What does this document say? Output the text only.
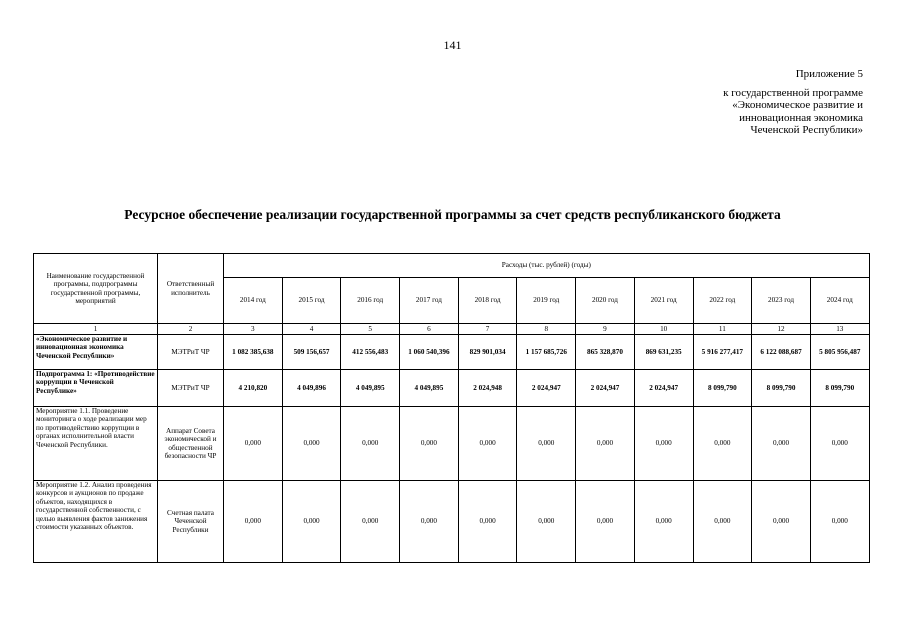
141
Приложение 5
к государственной программе
«Экономическое развитие и
инновационная экономика
Чеченской Республики»
Ресурсное обеспечение реализации государственной программы за счет средств республиканского бюджета
Наименование государственной программы, подпрограммы государственной программы, мероприятий	Ответственный исполнитель	Расходы (тыс. рублей) (годы)										
		2014 год	2015 год	2016 год	2017 год	2018 год	2019 год	2020 год	2021 год	2022 год	2023 год	2024 год
1	2	3	4	5	6	7	8	9	10	11	12	13
«Экономическое развитие и инновационная экономика Чеченской Республики»	МЭТРиТ ЧР	1 082 385,638	509 156,657	412 556,483	1 060 540,396	829 901,034	1 157 685,726	865 328,870	869 631,235	5 916 277,417	6 122 088,687	5 805 956,487
Подпрограмма 1: «Противодействие коррупции в Чеченской Республике»	МЭТРиТ ЧР	4 210,820	4 049,896	4 049,895	4 049,895	2 024,948	2 024,947	2 024,947	2 024,947	8 099,790	8 099,790	8 099,790
Мероприятие 1.1. Проведение мониторинга о ходе реализации мер по противодействию коррупции в органах исполнительной власти Чеченской Республики.	Аппарат Совета экономической и общественной безопасности ЧР	0,000	0,000	0,000	0,000	0,000	0,000	0,000	0,000	0,000	0,000	0,000
Мероприятие 1.2. Анализ проведения конкурсов и аукционов по продаже объектов, находящихся в государственной собственности, с целью выявления фактов занижения стоимости указанных объектов.	Счетная палата Чеченской Республики	0,000	0,000	0,000	0,000	0,000	0,000	0,000	0,000	0,000	0,000	0,000
